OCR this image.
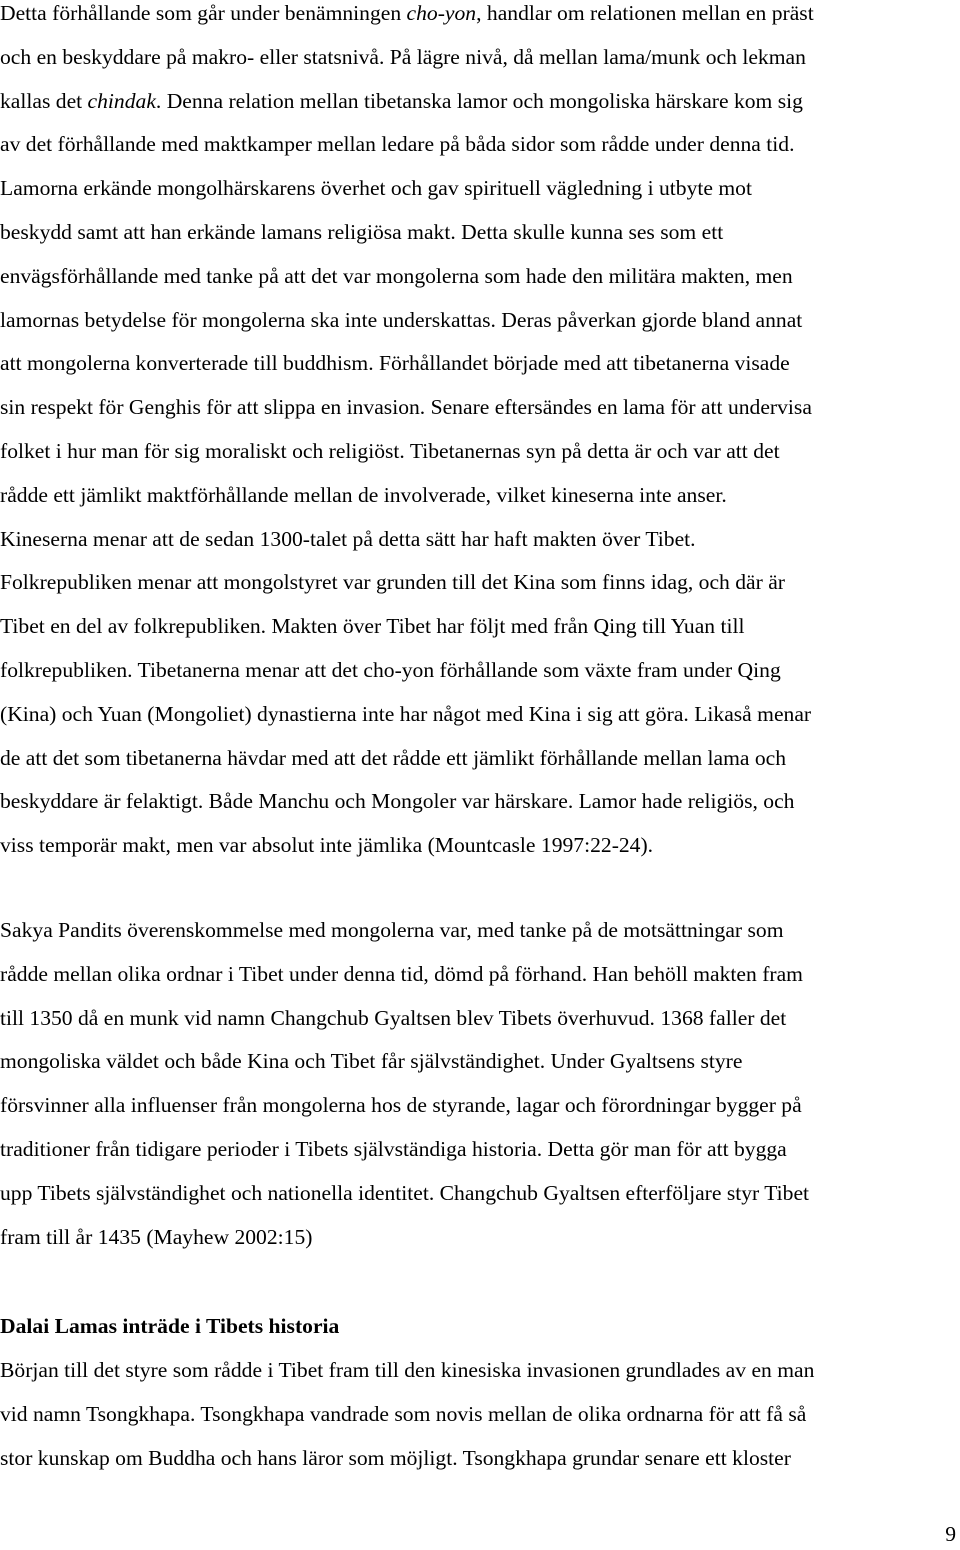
Detta förhållande som går under benämningen cho-yon, handlar om relationen mellan en präst
och en beskyddare på makro- eller statsnivå. På lägre nivå, då mellan lama/munk och lekman
kallas det chindak. Denna relation mellan tibetanska lamor och mongoliska härskare kom sig
av det förhållande med maktkamper mellan ledare på båda sidor som rådde under denna tid.
Lamorna erkände mongolhärskarens överhet och gav spirituell vägledning i utbyte mot
beskydd samt att han erkände lamans religiösa makt. Detta skulle kunna ses som ett
envägsförhållande med tanke på att det var mongolerna som hade den militära makten, men
lamornas betydelse för mongolerna ska inte underskattas. Deras påverkan gjorde bland annat
att mongolerna konverterade till buddhism. Förhållandet började med att tibetanerna visade
sin respekt för Genghis för att slippa en invasion. Senare eftersändes en lama för att undervisa
folket i hur man för sig moraliskt och religiöst. Tibetanernas syn på detta är och var att det
rådde ett jämlikt maktförhållande mellan de involverade, vilket kineserna inte anser.
Kineserna menar att de sedan 1300-talet på detta sätt har haft makten över Tibet.
Folkrepubliken menar att mongolstyret var grunden till det Kina som finns idag, och där är
Tibet en del av folkrepubliken. Makten över Tibet har följt med från Qing till Yuan till
folkrepubliken. Tibetanerna menar att det cho-yon förhållande som växte fram under Qing
(Kina) och Yuan (Mongoliet) dynastierna inte har något med Kina i sig att göra. Likaså menar
de att det som tibetanerna hävdar med att det rådde ett jämlikt förhållande mellan lama och
beskyddare är felaktigt. Både Manchu och Mongoler var härskare. Lamor hade religiös, och
viss temporär makt, men var absolut inte jämlika (Mountcasle 1997:22-24).

Sakya Pandits överenskommelse med mongolerna var, med tanke på de motsättningar som
rådde mellan olika ordnar i Tibet under denna tid, dömd på förhand. Han behöll makten fram
till 1350 då en munk vid namn Changchub Gyaltsen blev Tibets överhuvud. 1368 faller det
mongoliska väldet och både Kina och Tibet får självständighet. Under Gyaltsens styre
försvinner alla influenser från mongolerna hos de styrande, lagar och förordningar bygger på
traditioner från tidigare perioder i Tibets självständiga historia. Detta gör man för att bygga
upp Tibets självständighet och nationella identitet. Changchub Gyaltsen efterföljare styr Tibet
fram till år 1435 (Mayhew 2002:15)

Dalai Lamas inträde i Tibets historia

Början till det styre som rådde i Tibet fram till den kinesiska invasionen grundlades av en man
vid namn Tsongkhapa. Tsongkhapa vandrade som novis mellan de olika ordnarna för att få så
stor kunskap om Buddha och hans läror som möjligt. Tsongkhapa grundar senare ett kloster

9
